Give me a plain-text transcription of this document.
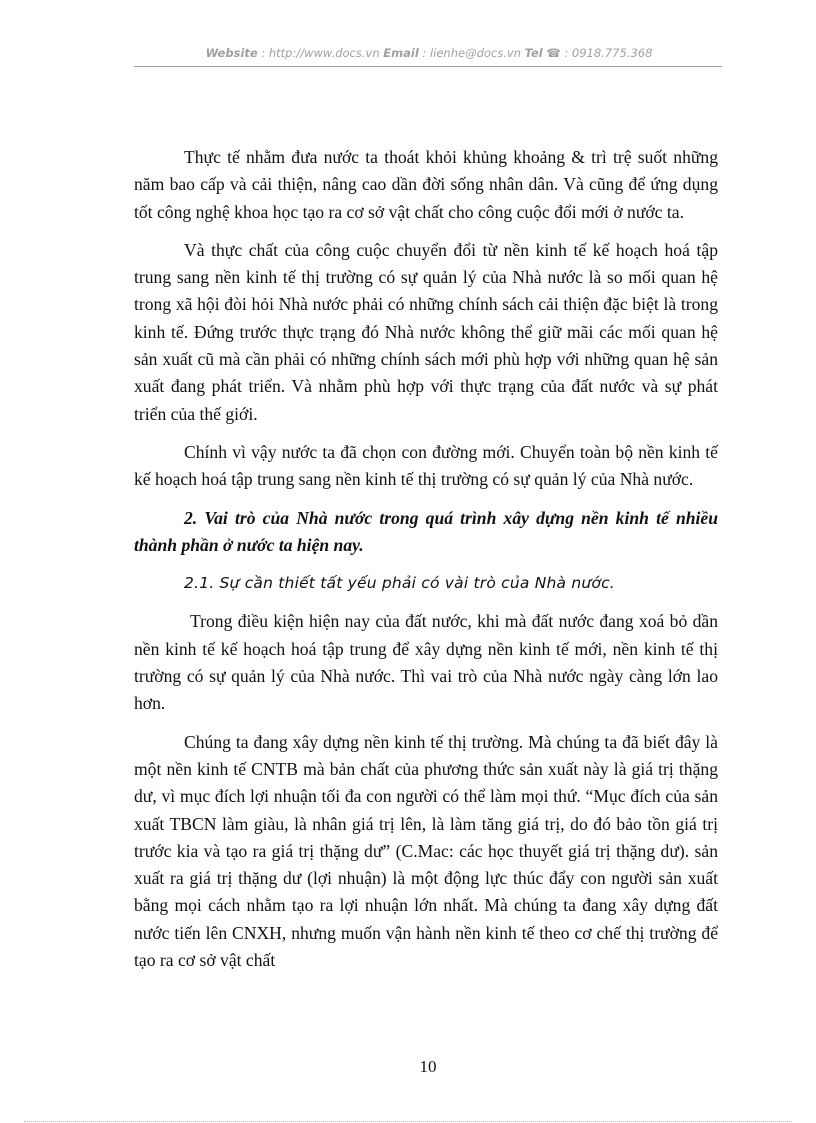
Website : http://www.docs.vn Email : lienhe@docs.vn Tel ☎ : 0918.775.368

Thực tế nhằm đưa nước ta thoát khỏi khủng khoảng & trì trệ suốt những năm bao cấp và cải thiện, nâng cao dần đời sống nhân dân. Và cũng để ứng dụng tốt công nghệ khoa học tạo ra cơ sở vật chất cho công cuộc đổi mới ở nước ta.

Và thực chất của công cuộc chuyển đổi từ nền kinh tế kế hoạch hoá tập trung sang nền kinh tế thị trường có sự quản lý của Nhà nước là so mối quan hệ trong xã hội đòi hỏi Nhà nước phải có những chính sách cải thiện đặc biệt là trong kinh tế. Đứng trước thực trạng đó Nhà nước không thể giữ mãi các mối quan hệ sản xuất cũ mà cần phải có những chính sách mới phù hợp với những quan hệ sản xuất đang phát triển. Và nhằm phù hợp với thực trạng của đất nước và sự phát triển của thế giới.

Chính vì vậy nước ta đã chọn con đường mới. Chuyển toàn bộ nền kinh tế kế hoạch hoá tập trung sang nền kinh tế thị trường có sự quản lý của Nhà nước.

2. Vai trò của Nhà nước trong quá trình xây dựng nền kinh tế nhiều thành phần ở nước ta hiện nay.

2.1. Sự cần thiết tất yếu phải có vài trò của Nhà nước.

Trong điều kiện hiện nay của đất nước, khi mà đất nước đang xoá bỏ dần nền kinh tế kế hoạch hoá tập trung để xây dựng nền kinh tế mới, nền kinh tế thị trường có sự quản lý của Nhà nước. Thì vai trò của Nhà nước ngày càng lớn lao hơn.

Chúng ta đang xây dựng nền kinh tế thị trường. Mà chúng ta đã biết đây là một nền kinh tế CNTB mà bản chất của phương thức sản xuất này là giá trị thặng dư, vì mục đích lợi nhuận tối đa con người có thể làm mọi thứ. “Mục đích của sản xuất TBCN làm giàu, là nhân giá trị lên, là làm tăng giá trị, do đó bảo tồn giá trị trước kia và tạo ra giá trị thặng dư” (C.Mac: các học thuyết giá trị thặng dư). sản xuất ra giá trị thặng dư (lợi nhuận) là một động lực thúc đẩy con người sản xuất bằng mọi cách nhằm tạo ra lợi nhuận lớn nhất. Mà chúng ta đang xây dựng đất nước tiến lên CNXH, nhưng muốn vận hành nền kinh tế theo cơ chế thị trường để tạo ra cơ sở vật chất

10
